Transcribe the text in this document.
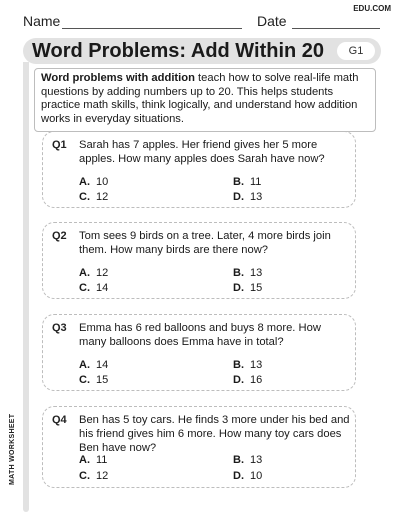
EDU.COM
Name	Date
Word Problems: Add Within 20	G1
Word problems with addition teach how to solve real-life math questions by adding numbers up to 20. This helps students practice math skills, think logically, and understand how addition works in everyday situations.
Q1 Sarah has 7 apples. Her friend gives her 5 more apples. How many apples does Sarah have now?
A. 10	B. 11
C. 12	D. 13
Q2 Tom sees 9 birds on a tree. Later, 4 more birds join them. How many birds are there now?
A. 12	B. 13
C. 14	D. 15
Q3 Emma has 6 red balloons and buys 8 more. How many balloons does Emma have in total?
A. 14	B. 13
C. 15	D. 16
Q4 Ben has 5 toy cars. He finds 3 more under his bed and his friend gives him 6 more. How many toy cars does Ben have now?
A. 11	B. 13
C. 12	D. 10
MATH WORKSHEET
